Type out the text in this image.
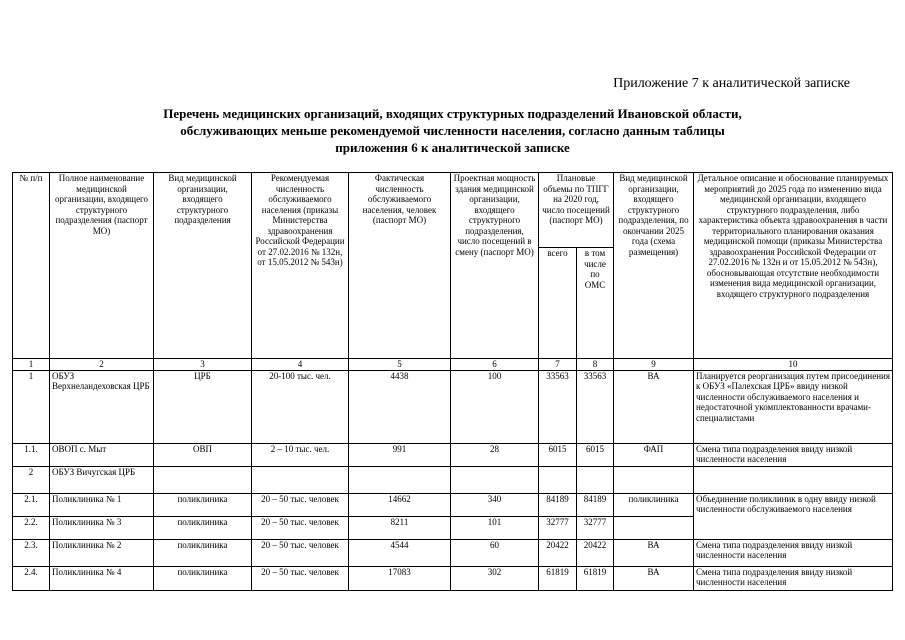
Приложение 7 к аналитической записке
Перечень медицинских организаций, входящих структурных подразделений Ивановской области,
обслуживающих меньше рекомендуемой численности населения, согласно данным таблицы
приложения 6 к аналитической записке
№ п/п	Полное наименование медицинской организации, входящего структурного подразделения (паспорт МО)	Вид медицинской организации, входящего структурного подразделения	Рекомендуемая численность обслуживаемого населения (приказы Министерства здравоохранения Российской Федерации от 27.02.2016 № 132н, от 15.05.2012 № 543н)	Фактическая численность обслуживаемого населения, человек (паспорт МО)	Проектная мощность здания медицинской организации, входящего структурного подразделения, число посещений в смену (паспорт МО)	Плановые объемы по ТПГГ на 2020 год, число посещений (паспорт МО)		Вид медицинской организации, входящего структурного подразделения, по окончании 2025 года (схема размещения)	Детальное описание и обоснование планируемых мероприятий до 2025 года по изменению вида медицинской организации, входящего структурного подразделения, либо характеристика объекта здравоохранения в части территориального планирования оказания медицинской помощи (приказы Министерства здравоохранения Российской Федерации от 27.02.2016 № 132н и от 15.05.2012 № 543н), обосновывающая отсутствие необходимости изменения вида медицинской организации, входящего структурного подразделения
						всего	в том числе по ОМС		
1	2	3	4	5	6	7	8	9	10
1	ОБУЗ Верхнеландеховская ЦРБ	ЦРБ	20-100 тыс. чел.	4438	100	33563	33563	ВА	Планируется реорганизация путем присоединения к ОБУЗ «Палехская ЦРБ» ввиду низкой численности обслуживаемого населения и недостаточной укомплектованности врачами-специалистами
1.1.	ОВОП с. Мыт	ОВП	2 – 10 тыс. чел.	991	28	6015	6015	ФАП	Смена типа подразделения ввиду низкой численности населения
2	ОБУЗ Вичугская ЦРБ								
2.1.	Поликлиника № 1	поликлиника	20 – 50 тыс. человек	14662	340	84189	84189	поликлиника	Объединение поликлиник в одну ввиду низкой численности обслуживаемого населения
2.2.	Поликлиника № 3	поликлиника	20 – 50 тыс. человек	8211	101	32777	32777		
2.3.	Поликлиника № 2	поликлиника	20 – 50 тыс. человек	4544	60	20422	20422	ВА	Смена типа подразделения ввиду низкой численности населения
2.4.	Поликлиника № 4	поликлиника	20 – 50 тыс. человек	17083	302	61819	61819	ВА	Смена типа подразделения ввиду низкой численности населения
